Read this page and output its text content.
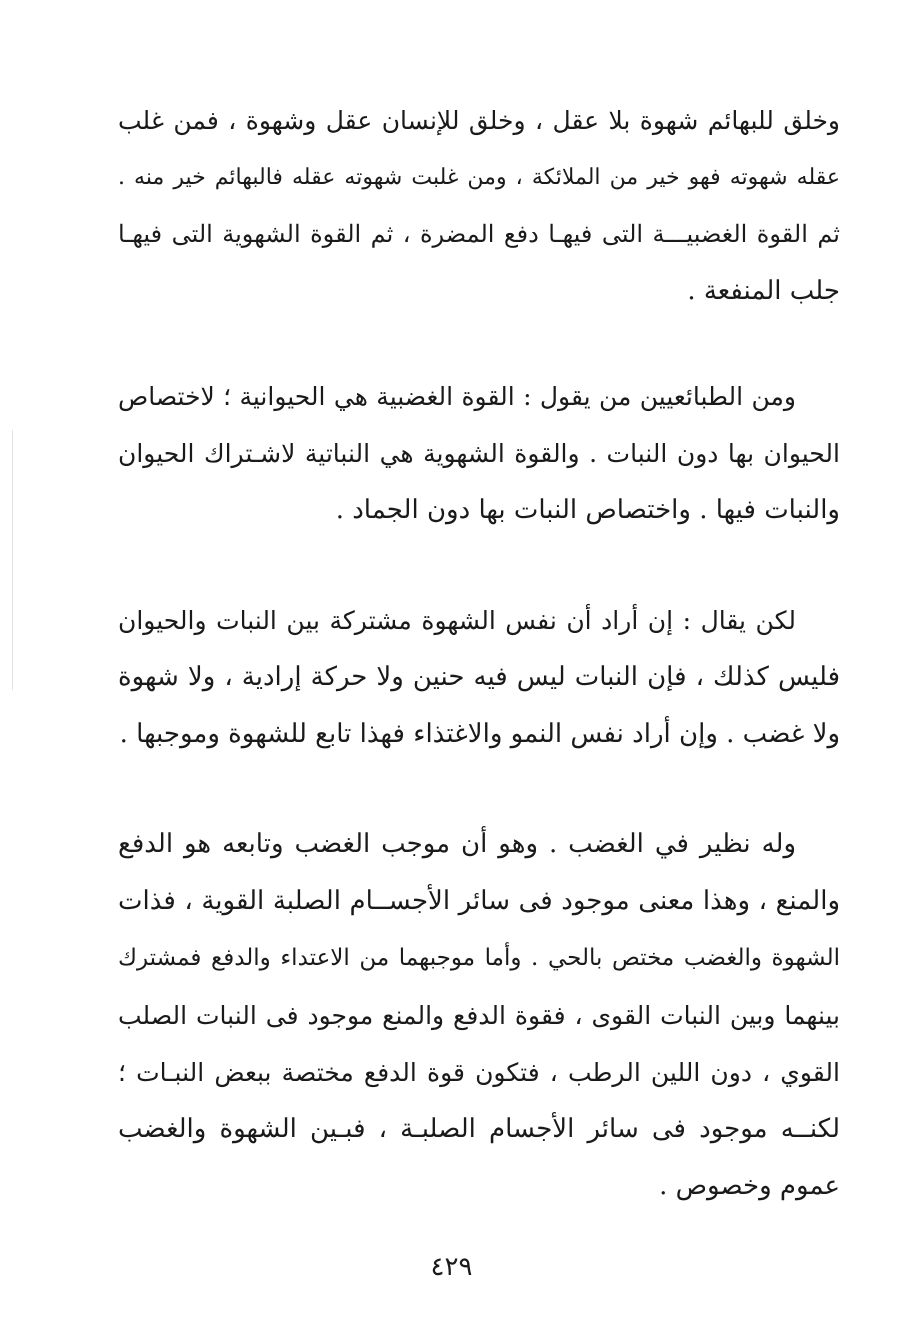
وخلق للبهائم شهوة بلا عقل ، وخلق للإنسان عقل وشهوة ، فمن غلب
عقله شهوته فهو خير من الملائكة ، ومن غلبت شهوته عقله فالبهائم خير منه .
ثم القوة الغضبيـــة التى فيهـا دفع المضرة ، ثم القوة الشهوية التى فيهـا
جلب المنفعة .
ومن الطبائعيين من يقول : القوة الغضبية هي الحيوانية ؛ لاختصاص
الحيوان بها دون النبات . والقوة الشهوية هي النباتية لاشـتراك الحيوان
والنبات فيها . واختصاص النبات بها دون الجماد .
لكن يقال : إن أراد أن نفس الشهوة مشتركة بين النبات والحيوان
فليس كذلك ، فإن النبات ليس فيه حنين ولا حركة إرادية ، ولا شهوة
ولا غضب . وإن أراد نفس النمو والاغتذاء فهذا تابع للشهوة وموجبها .
وله نظير في الغضب . وهو أن موجب الغضب وتابعه هو الدفع
والمنع ، وهذا معنى موجود فى سائر الأجســام الصلبة القوية ، فذات
الشهوة والغضب مختص بالحي . وأما موجبهما من الاعتداء والدفع فمشترك
بينهما وبين النبات القوى ، فقوة الدفع والمنع موجود فى النبات الصلب
القوي ، دون اللين الرطب ، فتكون قوة الدفع مختصة ببعض النبـات ؛
لكنــه موجود فى سائر الأجسام الصلبـة ، فبـين الشهوة والغضب
عموم وخصوص .
٤٢٩
